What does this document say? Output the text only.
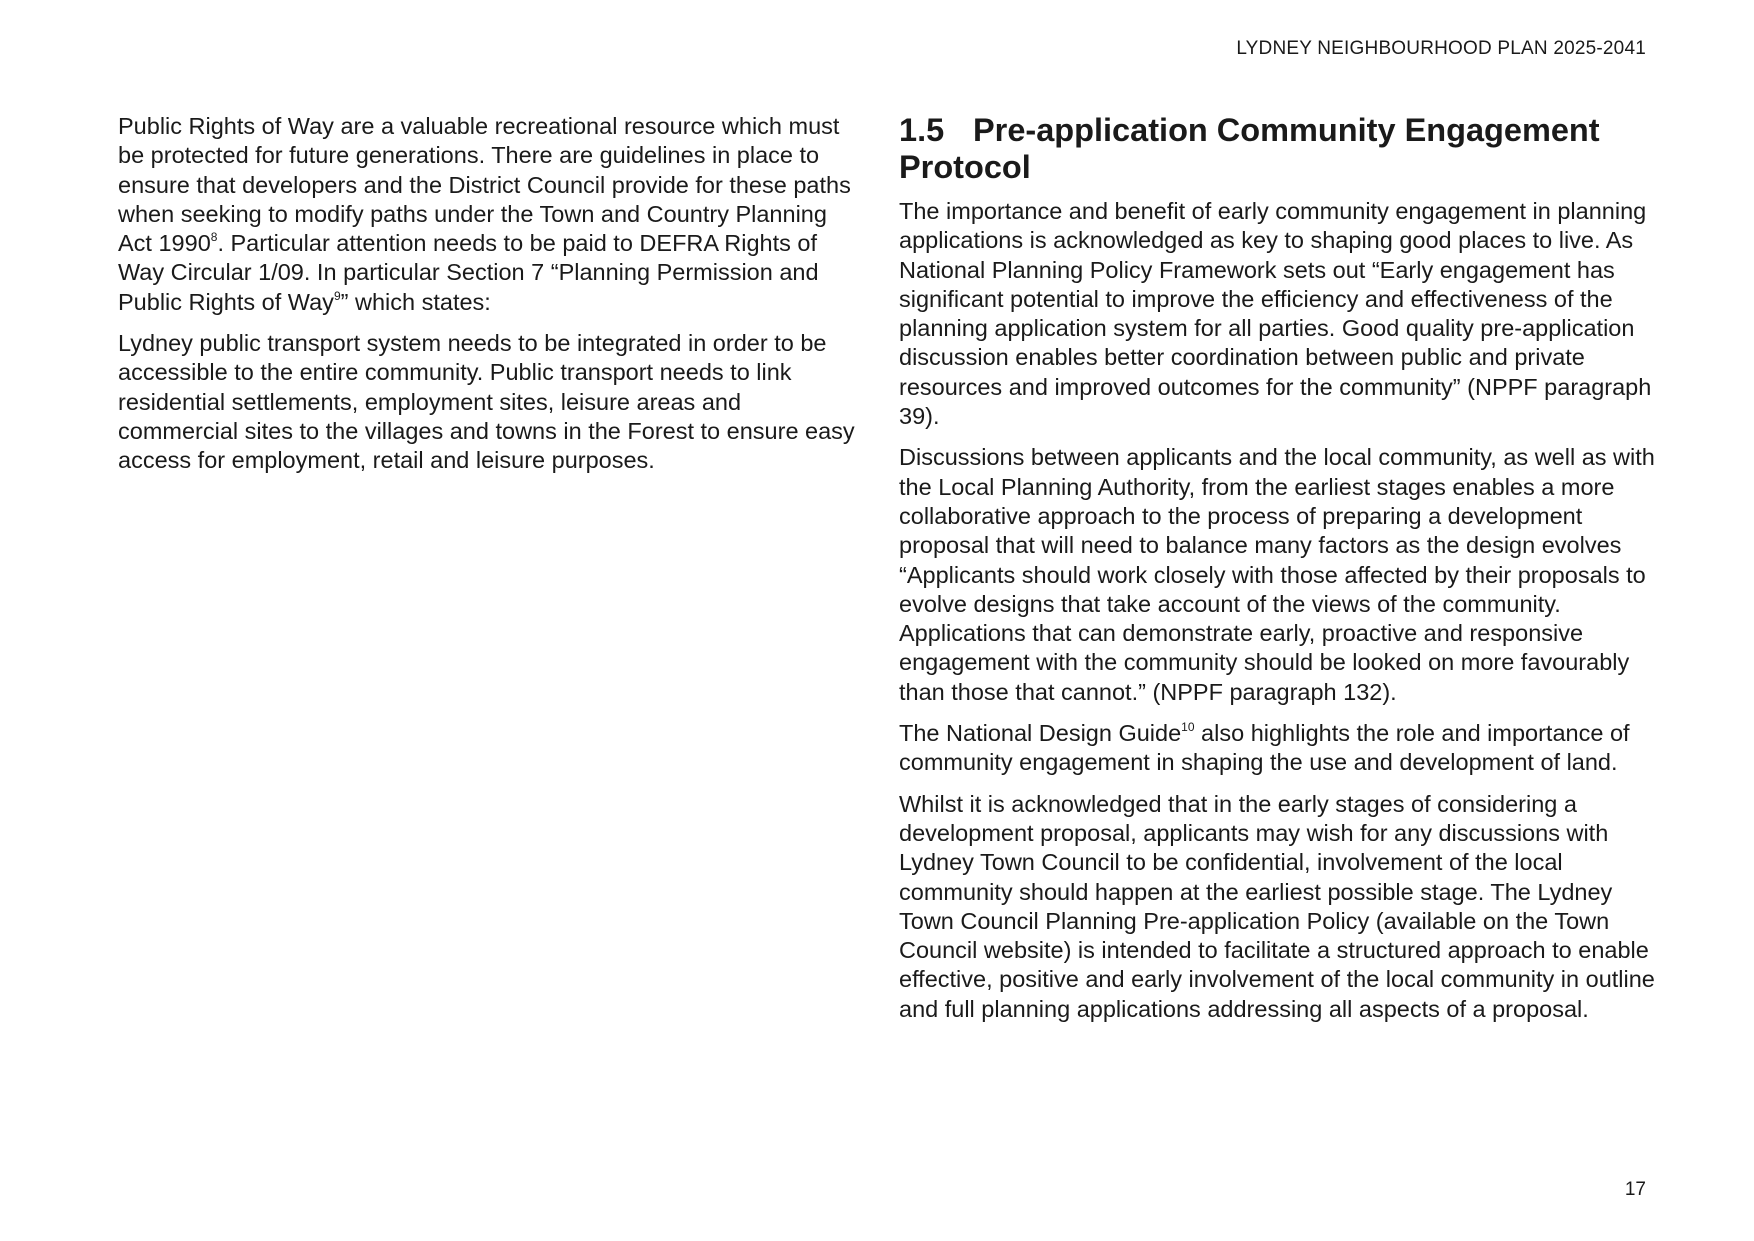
LYDNEY NEIGHBOURHOOD PLAN 2025-2041

Public Rights of Way are a valuable recreational resource which must be protected for future generations. There are guidelines in place to ensure that developers and the District Council provide for these paths when seeking to modify paths under the Town and Country Planning Act 1990$^8$. Particular attention needs to be paid to DEFRA Rights of Way Circular 1/09. In particular Section 7 “Planning Permission and Public Rights of Way$^9$” which states:

Lydney public transport system needs to be integrated in order to be accessible to the entire community. Public transport needs to link residential settlements, employment sites, leisure areas and commercial sites to the villages and towns in the Forest to ensure easy access for employment, retail and leisure purposes.

1.5 Pre-application Community Engagement Protocol

The importance and benefit of early community engagement in planning applications is acknowledged as key to shaping good places to live. As National Planning Policy Framework sets out “Early engagement has significant potential to improve the efficiency and effectiveness of the planning application system for all parties. Good quality pre-application discussion enables better coordination between public and private resources and improved outcomes for the community” (NPPF paragraph 39).

Discussions between applicants and the local community, as well as with the Local Planning Authority, from the earliest stages enables a more collaborative approach to the process of preparing a development proposal that will need to balance many factors as the design evolves “Applicants should work closely with those affected by their proposals to evolve designs that take account of the views of the community. Applications that can demonstrate early, proactive and responsive engagement with the community should be looked on more favourably than those that cannot.” (NPPF paragraph 132).

The National Design Guide$^{10}$ also highlights the role and importance of community engagement in shaping the use and development of land.

Whilst it is acknowledged that in the early stages of considering a development proposal, applicants may wish for any discussions with Lydney Town Council to be confidential, involvement of the local community should happen at the earliest possible stage. The Lydney Town Council Planning Pre-application Policy (available on the Town Council website) is intended to facilitate a structured approach to enable effective, positive and early involvement of the local community in outline and full planning applications addressing all aspects of a proposal.

17
